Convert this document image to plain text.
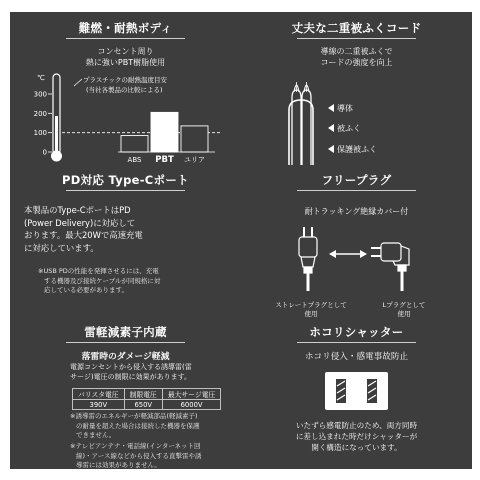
難燃・耐熱ボディ
コンセント周り
熱に強いPBT樹脂使用
0
100
200
300
ABS PBT ユリア
℃	プラスチックの耐熱温度目安
(当社各製品の比較による)
丈夫な二重被ふくコード
導線の二重被ふくで
コードの強度を向上
導体
被ふく
保護被ふく
PD対応 Type-Cポート
本製品のType-CポートはPD
(Power Delivery)に対応して
おります。最大20Wで高速充電
に対応しています。
※USB PDの性能を発揮させるには、充電
する機器及び接続ケーブルが同規格に対
応している必要があります。
フリープラグ
耐トラッキング絶縁カバー付
ストレートプラグとして
使用
Lプラグとして
使用
雷軽減素子内蔵
落雷時のダメージ軽減
電源コンセントから侵入する誘導雷(雷
サージ)電圧の制限に効果があります。
バリスタ電圧	制限電圧	最大サージ電圧
390V	650V	6000V
※誘導雷のエネルギーが軽減部品(軽減素子)
の耐量を超えた場合は接続した機器を保護
できません。
※テレビアンテナ・電話線(インターネット回
線)・アース線などから侵入する直撃雷や誘
導雷には効果がありません。
ホコリシャッター
ホコリ侵入・感電事故防止
いたずら感電防止のため、両方同時
に差し込まれた時だけシャッターが
開く構造になっています。
